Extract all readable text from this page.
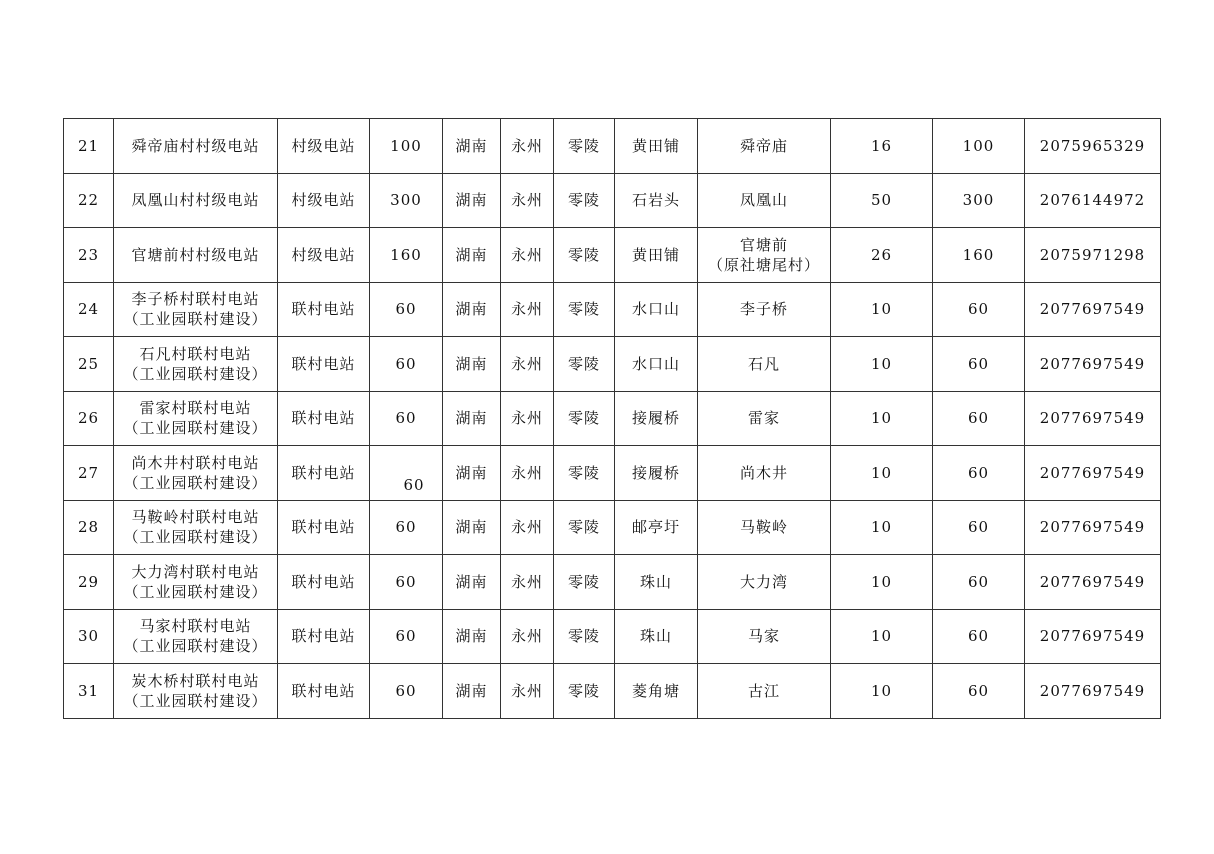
21	舜帝庙村村级电站	村级电站	100	湖南	永州	零陵	黄田铺	舜帝庙	16	100	2075965329

22	凤凰山村村级电站	村级电站	300	湖南	永州	零陵	石岩头	凤凰山	50	300	2076144972

23	官塘前村村级电站	村级电站	160	湖南	永州	零陵	黄田铺	官塘前
（原社塘尾村）	26	160	2075971298

24	李子桥村联村电站
（工业园联村建设）	联村电站	60	湖南	永州	零陵	水口山	李子桥	10	60	2077697549

25	石凡村联村电站
（工业园联村建设）	联村电站	60	湖南	永州	零陵	水口山	石凡	10	60	2077697549

26	雷家村联村电站
（工业园联村建设）	联村电站	60	湖南	永州	零陵	接履桥	雷家	10	60	2077697549

27	尚木井村联村电站
（工业园联村建设）	联村电站	60	湖南	永州	零陵	接履桥	尚木井	10	60	2077697549

28	马鞍岭村联村电站
（工业园联村建设）	联村电站	60	湖南	永州	零陵	邮亭圩	马鞍岭	10	60	2077697549

29	大力湾村联村电站
（工业园联村建设）	联村电站	60	湖南	永州	零陵	珠山	大力湾	10	60	2077697549

30	马家村联村电站
（工业园联村建设）	联村电站	60	湖南	永州	零陵	珠山	马家	10	60	2077697549

31	炭木桥村联村电站
（工业园联村建设）	联村电站	60	湖南	永州	零陵	菱角塘	古江	10	60	2077697549
